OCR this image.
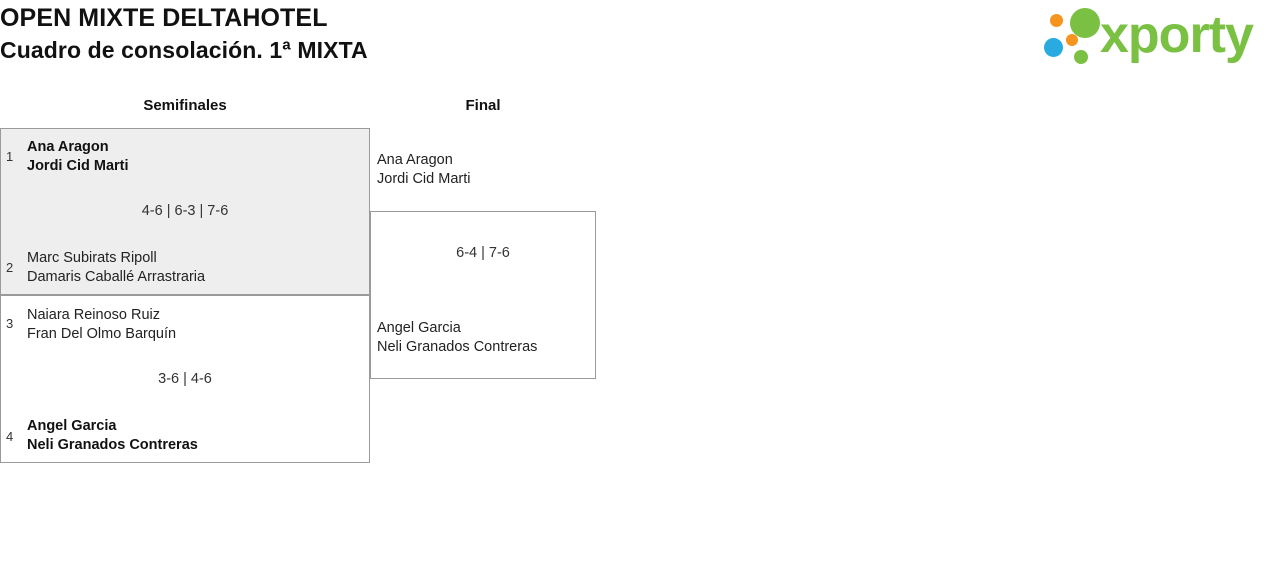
OPEN MIXTE DELTAHOTEL
Cuadro de consolación. 1ª MIXTA	xporty
Semifinales	Final
1
Ana Aragon
Jordi Cid Marti
4-6 | 6-3 | 7-6
2
Marc Subirats Ripoll
Damaris Caballé Arrastraria
3
Naiara Reinoso Ruiz
Fran Del Olmo Barquín
3-6 | 4-6
4
Angel Garcia
Neli Granados Contreras
Ana Aragon
Jordi Cid Marti
6-4 | 7-6
Angel Garcia
Neli Granados Contreras
